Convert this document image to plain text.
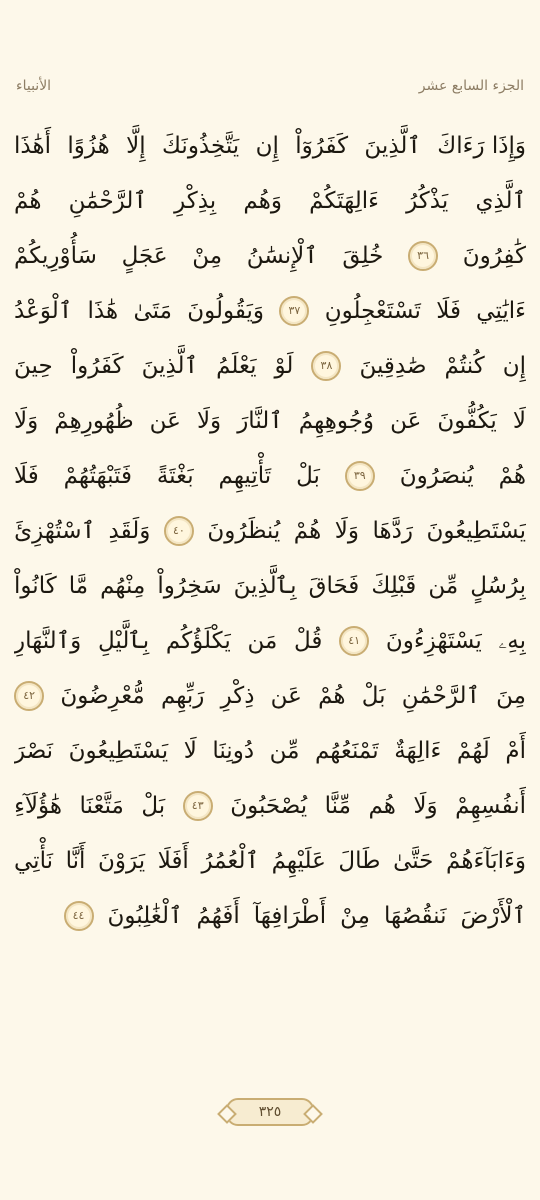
الجزء السابع عشر
الأنبياء
وَإِذَا رَءَاكَ
ٱلَّذِينَ
كَفَرُوٓاْ
إِن
يَتَّخِذُونَكَ
إِلَّا
هُزُوًا
أَهَٰذَا
ٱلَّذِي
يَذْكُرُ
ءَالِهَتَكُمْ
وَهُم
بِذِكْرِ
ٱلرَّحْمَٰنِ
هُمْ
كَٰفِرُونَ
٣٦
خُلِقَ
ٱلْإِنسَٰنُ
مِنْ
عَجَلٍ
سَأُوْرِيكُمْ
ءَايَٰتِي
فَلَا
تَسْتَعْجِلُونِ
٣٧
وَيَقُولُونَ
مَتَىٰ
هَٰذَا
ٱلْوَعْدُ
إِن
كُنتُمْ
صَٰدِقِينَ
٣٨
لَوْ
يَعْلَمُ
ٱلَّذِينَ
كَفَرُواْ
حِينَ
لَا
يَكُفُّونَ
عَن
وُجُوهِهِمُ
ٱلنَّارَ
وَلَا
عَن
ظُهُورِهِمْ
وَلَا
هُمْ
يُنصَرُونَ
٣٩
بَلْ
تَأْتِيهِم
بَغْتَةً
فَتَبْهَتُهُمْ
فَلَا
يَسْتَطِيعُونَ
رَدَّهَا
وَلَا
هُمْ
يُنظَرُونَ
٤٠
وَلَقَدِ
ٱسْتُهْزِئَ
بِرُسُلٍ
مِّن
قَبْلِكَ
فَحَاقَ
بِٱلَّذِينَ
سَخِرُواْ
مِنْهُم
مَّا
كَانُواْ
بِهِۦ
يَسْتَهْزِءُونَ
٤١
قُلْ
مَن
يَكْلَؤُكُم
بِٱلَّيْلِ
وَٱلنَّهَارِ
مِنَ
ٱلرَّحْمَٰنِ
بَلْ
هُمْ
عَن
ذِكْرِ
رَبِّهِم
مُّعْرِضُونَ
٤٢
أَمْ
لَهُمْ
ءَالِهَةٌ
تَمْنَعُهُم
مِّن
دُونِنَا
لَا
يَسْتَطِيعُونَ
نَصْرَ
أَنفُسِهِمْ
وَلَا
هُم
مِّنَّا
يُصْحَبُونَ
٤٣
بَلْ
مَتَّعْنَا
هَٰؤُلَآءِ
وَءَابَآءَهُمْ
حَتَّىٰ
طَالَ
عَلَيْهِمُ
ٱلْعُمُرُ
أَفَلَا
يَرَوْنَ
أَنَّا
نَأْتِي
ٱلْأَرْضَ
نَنقُصُهَا
مِنْ
أَطْرَافِهَآ
أَفَهُمُ
ٱلْغَٰلِبُونَ
٤٤
٣٢٥
